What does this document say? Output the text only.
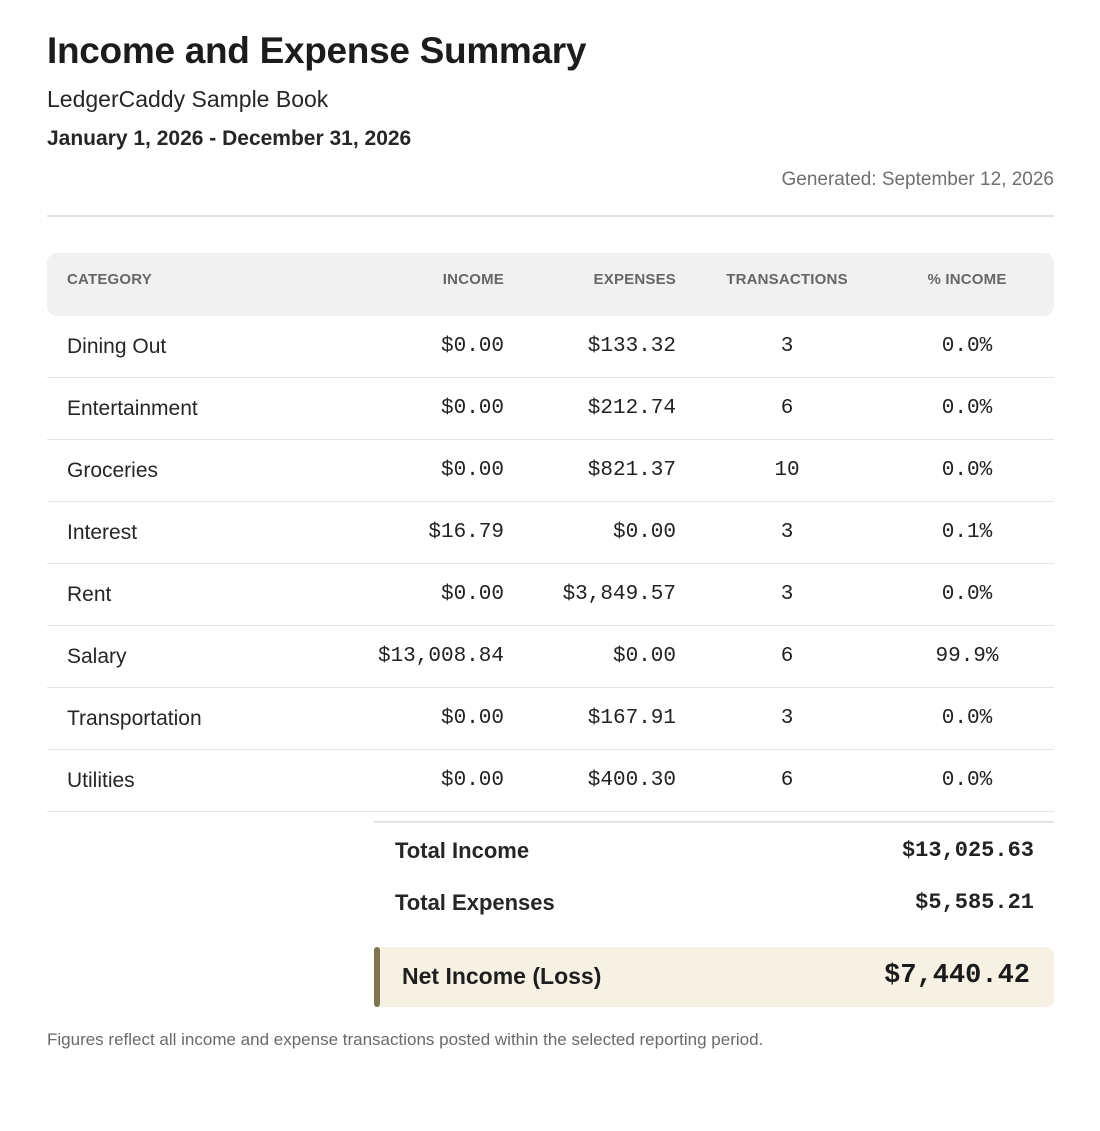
Income and Expense Summary
LedgerCaddy Sample Book
January 1, 2026 - December 31, 2026
Generated: September 12, 2026
CATEGORY	INCOME	EXPENSES	TRANSACTIONS	% INCOME
Dining Out	$0.00	$133.32	3	0.0%
Entertainment	$0.00	$212.74	6	0.0%
Groceries	$0.00	$821.37	10	0.0%
Interest	$16.79	$0.00	3	0.1%
Rent	$0.00	$3,849.57	3	0.0%
Salary	$13,008.84	$0.00	6	99.9%
Transportation	$0.00	$167.91	3	0.0%
Utilities	$0.00	$400.30	6	0.0%
Total Income	$13,025.63
Total Expenses	$5,585.21
Net Income (Loss)	$7,440.42
Figures reflect all income and expense transactions posted within the selected reporting period.
